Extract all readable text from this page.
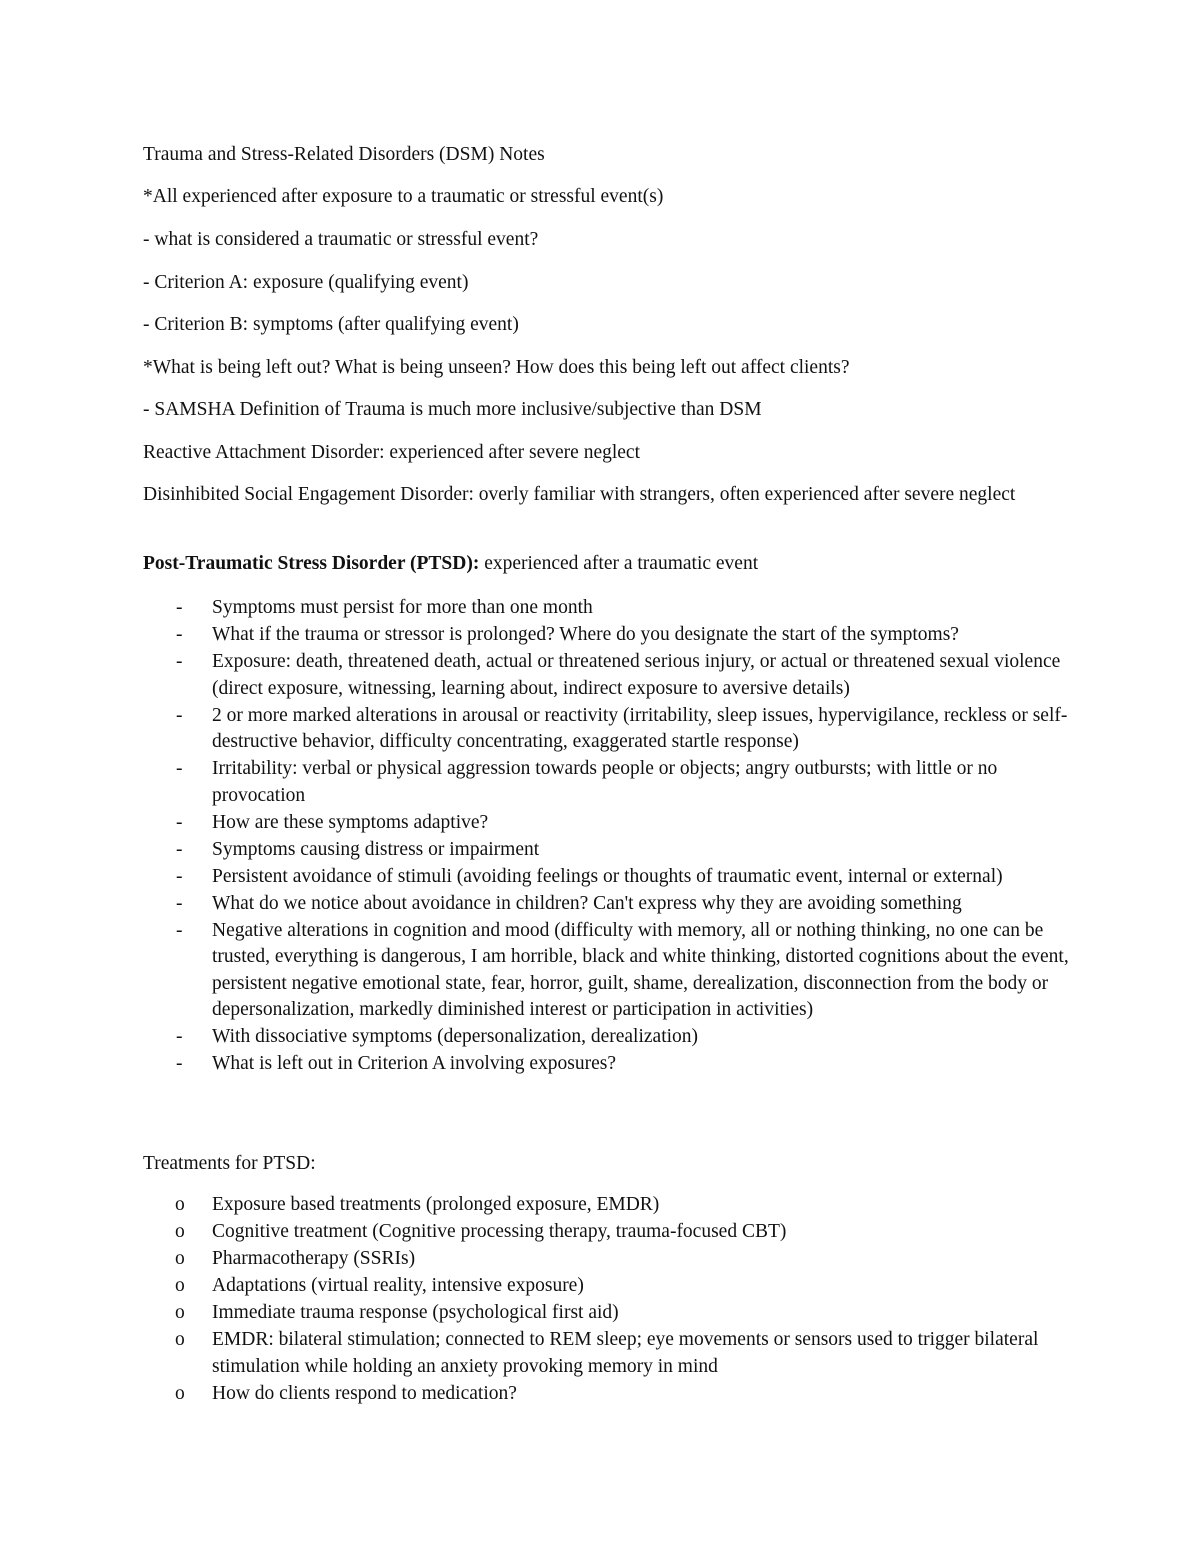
Trauma and Stress-Related Disorders (DSM) Notes

*All experienced after exposure to a traumatic or stressful event(s)

- what is considered a traumatic or stressful event?

- Criterion A: exposure (qualifying event)

- Criterion B: symptoms (after qualifying event)

*What is being left out? What is being unseen? How does this being left out affect clients?

- SAMSHA Definition of Trauma is much more inclusive/subjective than DSM

Reactive Attachment Disorder: experienced after severe neglect

Disinhibited Social Engagement Disorder: overly familiar with strangers, often experienced after severe neglect

Post-Traumatic Stress Disorder (PTSD): experienced after a traumatic event

- Symptoms must persist for more than one month
- What if the trauma or stressor is prolonged? Where do you designate the start of the symptoms?
- Exposure: death, threatened death, actual or threatened serious injury, or actual or threatened sexual violence (direct exposure, witnessing, learning about, indirect exposure to aversive details)
- 2 or more marked alterations in arousal or reactivity (irritability, sleep issues, hypervigilance, reckless or self-destructive behavior, difficulty concentrating, exaggerated startle response)
- Irritability: verbal or physical aggression towards people or objects; angry outbursts; with little or no provocation
- How are these symptoms adaptive?
- Symptoms causing distress or impairment
- Persistent avoidance of stimuli (avoiding feelings or thoughts of traumatic event, internal or external)
- What do we notice about avoidance in children? Can't express why they are avoiding something
- Negative alterations in cognition and mood (difficulty with memory, all or nothing thinking, no one can be trusted, everything is dangerous, I am horrible, black and white thinking, distorted cognitions about the event, persistent negative emotional state, fear, horror, guilt, shame, derealization, disconnection from the body or depersonalization, markedly diminished interest or participation in activities)
- With dissociative symptoms (depersonalization, derealization)
- What is left out in Criterion A involving exposures?

Treatments for PTSD:

o Exposure based treatments (prolonged exposure, EMDR)
o Cognitive treatment (Cognitive processing therapy, trauma-focused CBT)
o Pharmacotherapy (SSRIs)
o Adaptations (virtual reality, intensive exposure)
o Immediate trauma response (psychological first aid)
o EMDR: bilateral stimulation; connected to REM sleep; eye movements or sensors used to trigger bilateral stimulation while holding an anxiety provoking memory in mind
o How do clients respond to medication?
